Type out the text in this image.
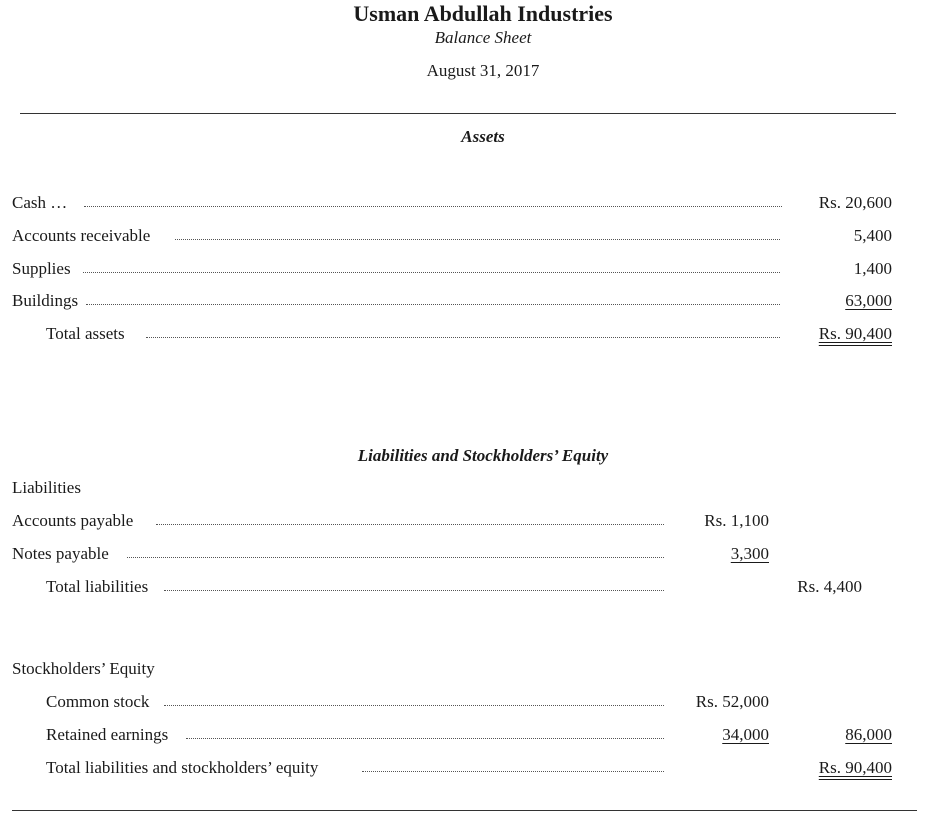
Usman Abdullah Industries
Balance Sheet
August 31, 2017
Assets
Cash …	Rs. 20,600
Accounts receivable	5,400
Supplies	1,400
Buildings	63,000
Total assets	Rs. 90,400
Liabilities and Stockholders’ Equity
Liabilities
Accounts payable	Rs. 1,100
Notes payable	3,300
Total liabilities	Rs. 4,400
Stockholders’ Equity
Common stock	Rs. 52,000
Retained earnings	34,000	86,000
Total liabilities and stockholders’ equity	Rs. 90,400
